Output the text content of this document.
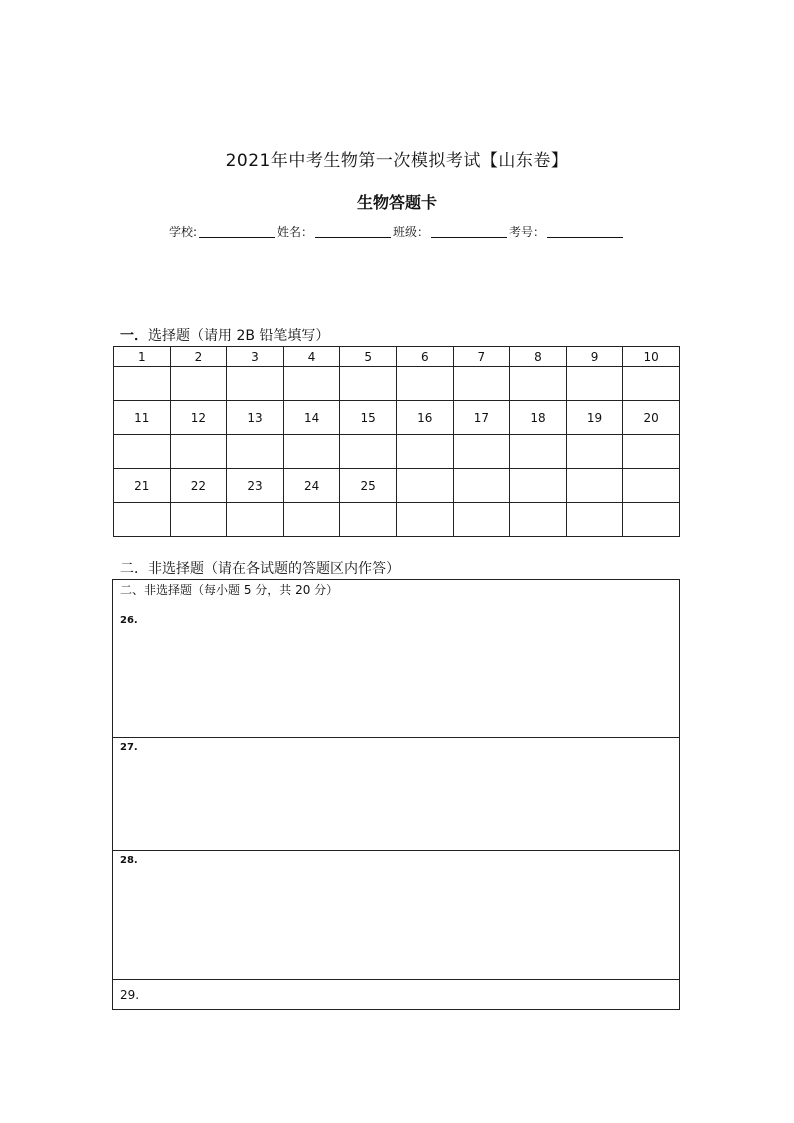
2021年中考生物第一次模拟考试【山东卷】
生物答题卡
学校:	姓名：	班级：	考号：
一．选择题（请用 2B 铅笔填写）
1	2	3	4	5	6	7	8	9	10

11	12	13	14	15	16	17	18	19	20

21	22	23	24	25					

二．非选择题（请在各试题的答题区内作答）
二、非选择题（每小题 5 分，共 20 分）
26.
27.
28.
29.
